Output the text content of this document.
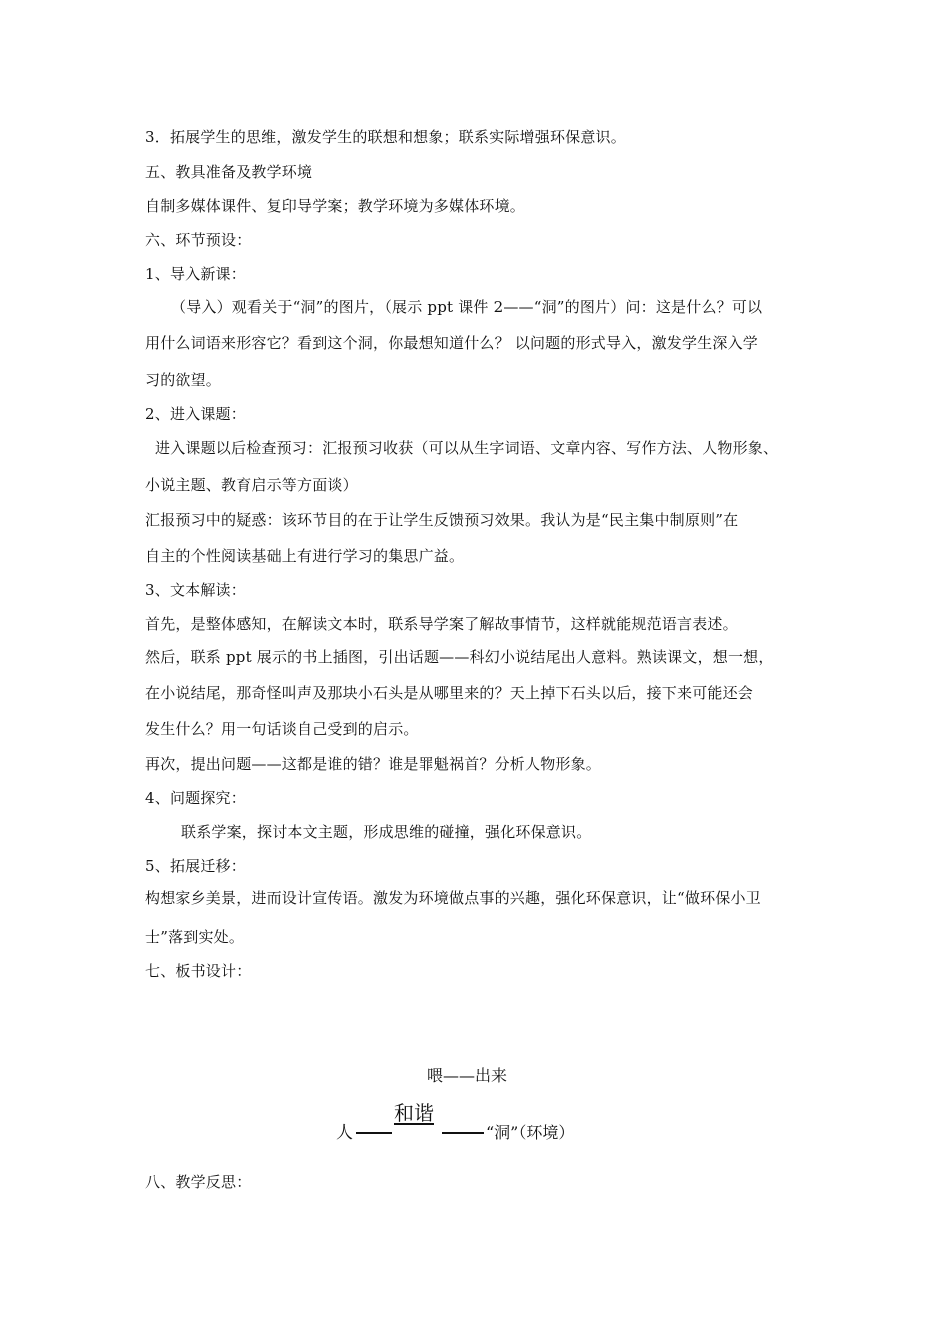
3．拓展学生的思维，激发学生的联想和想象；联系实际增强环保意识。
五、教具准备及教学环境
自制多媒体课件、复印导学案；教学环境为多媒体环境。
六、环节预设：
1、导入新课：
（导入）观看关于“洞”的图片，（展示 ppt 课件 2——“洞”的图片）问：这是什么？可以
用什么词语来形容它？看到这个洞，你最想知道什么？ 以问题的形式导入，激发学生深入学
习的欲望。
2、进入课题：
进入课题以后检查预习：汇报预习收获（可以从生字词语、文章内容、写作方法、人物形象、
小说主题、教育启示等方面谈）
汇报预习中的疑惑：该环节目的在于让学生反馈预习效果。我认为是“民主集中制原则”在
自主的个性阅读基础上有进行学习的集思广益。
3、文本解读：
首先，是整体感知，在解读文本时，联系导学案了解故事情节，这样就能规范语言表述。
然后，联系 ppt 展示的书上插图，引出话题——科幻小说结尾出人意料。熟读课文，想一想，
在小说结尾，那奇怪叫声及那块小石头是从哪里来的？天上掉下石头以后，接下来可能还会
发生什么？用一句话谈自己受到的启示。
再次，提出问题——这都是谁的错？谁是罪魁祸首？分析人物形象。
4、问题探究：
联系学案，探讨本文主题，形成思维的碰撞，强化环保意识。
5、拓展迁移：
构想家乡美景，进而设计宣传语。激发为环境做点事的兴趣，强化环保意识，让“做环保小卫
士”落到实处。
七、板书设计：
喂——出来
人
和谐
“洞”（环境）
八、教学反思：
